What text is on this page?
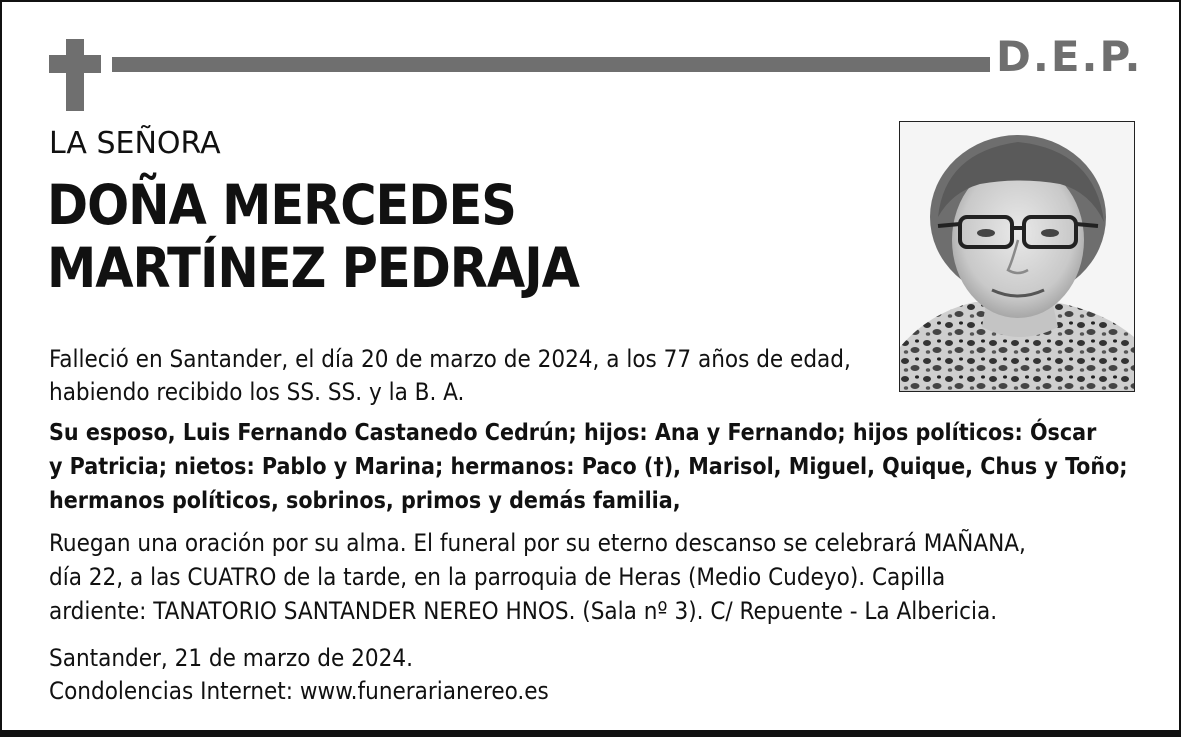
D.E.P.
LA SEÑORA
DOÑA MERCEDES
MARTÍNEZ PEDRAJA
Falleció en Santander, el día 20 de marzo de 2024, a los 77 años de edad, habiendo recibido los SS. SS. y la B. A.
Su esposo, Luis Fernando Castanedo Cedrún; hijos: Ana y Fernando; hijos políticos: Óscar
y Patricia; nietos: Pablo y Marina; hermanos: Paco (†), Marisol, Miguel, Quique, Chus y Toño;
hermanos políticos, sobrinos, primos y demás familia,
Ruegan una oración por su alma. El funeral por su eterno descanso se celebrará MAÑANA,
día 22, a las CUATRO de la tarde, en la parroquia de Heras (Medio Cudeyo). Capilla
ardiente: TANATORIO SANTANDER NEREO HNOS. (Sala nº 3). C/ Repuente - La Albericia.
Santander, 21 de marzo de 2024.
Condolencias Internet: www.funerarianereo.es
